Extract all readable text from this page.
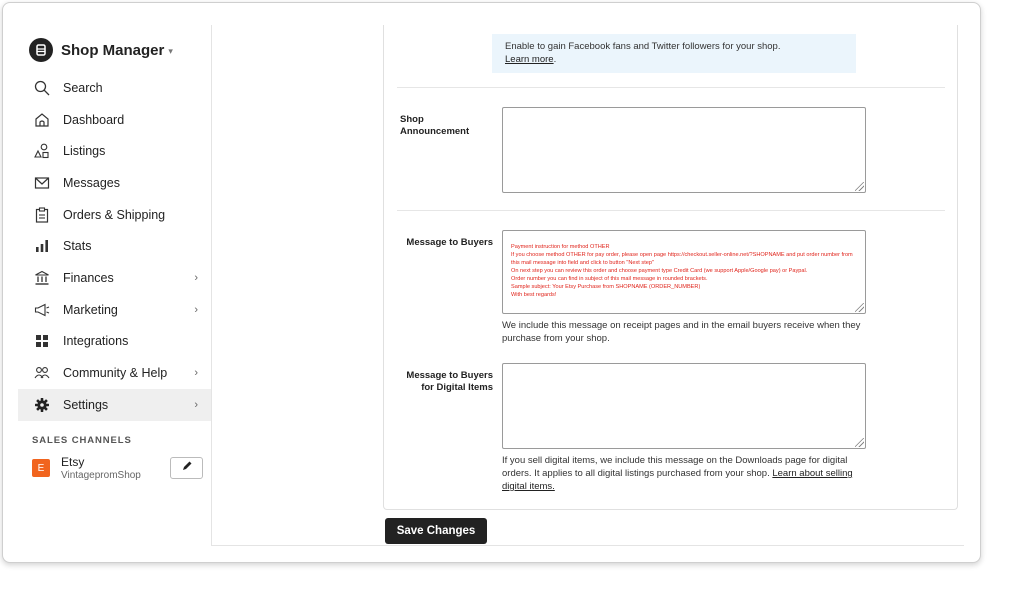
Shop Manager ▾
Search
Dashboard
Listings
Messages
Orders & Shipping
Stats
Finances	›
Marketing	›
Integrations
Community & Help ›
Settings	›
SALES CHANNELS
E	Etsy
VintagepromShop
Enable to gain Facebook fans and Twitter followers for your shop.
Learn more.
Shop Announcement
Message to Buyers	Payment instruction for method OTHER
If you choose method OTHER for pay order, please open page https://checkout.seller-online.net/?SHOPNAME and put order number from this mail message into field and click to button "Next step"
On next step you can review this order and choose payment type Credit Card (we support Apple/Google pay) or Paypal.
Order number you can find in subject of this mail message in rounded brackets.
Sample subject: Your Etsy Purchase from SHOPNAME (ORDER_NUMBER)
With best regards!
We include this message on receipt pages and in the email buyers receive when they purchase from your shop.
Message to Buyers
for Digital Items
If you sell digital items, we include this message on the Downloads page for digital orders. It applies to all digital listings purchased from your shop. Learn about selling digital items.
Save Changes
